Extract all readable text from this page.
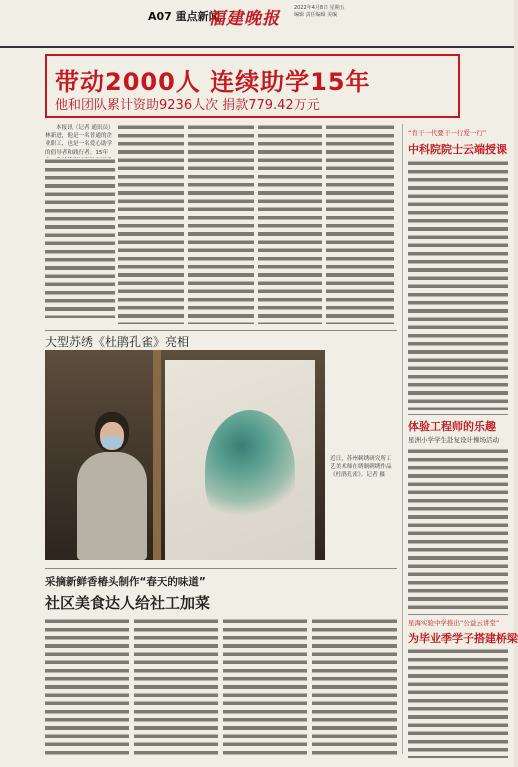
A07 重点新闻
福建晚报
2022年4月8日 星期五
编辑 责任编辑 美编
带动2000人 连续助学15年
他和团队累计资助9236人次 捐款779.42万元
本报讯（记者 通讯员）林新进，他是一名普通的企业职工，也是一名爱心助学的倡导者和践行者。15年
大型苏绣《杜鹃孔雀》亮相
近日，苏州刺绣研究所工艺美术师在绣制刺绣作品《杜鹃孔雀》。记者 摄
采摘新鲜香椿头制作“春天的味道”
社区美食达人给社工加菜
“肯干一代要干一行爱一行”
中科院院士云端授课
体验工程师的乐趣
星洲小学学生赴复设计操场活动
星海实验中学推出“公益云讲堂”
为毕业季学子搭建桥梁
